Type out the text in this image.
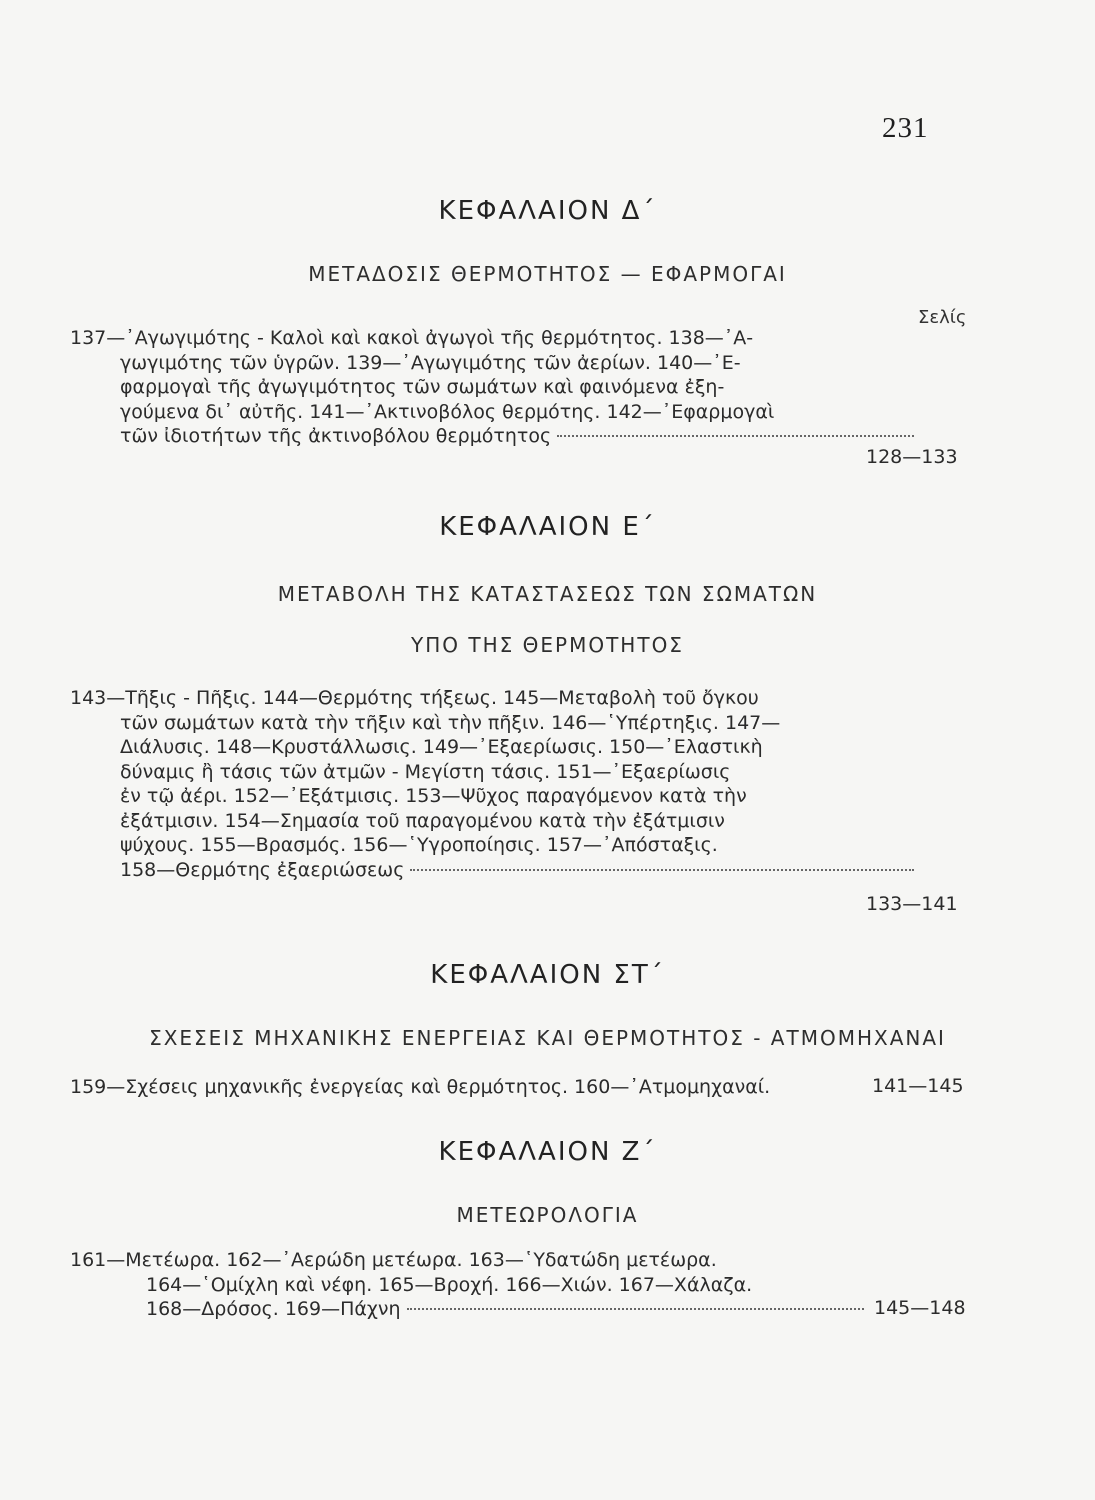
231
ΚΕΦΑΛΑΙΟΝ Δ΄
ΜΕΤΑΔΟΣΙΣ ΘΕΡΜΟΤΗΤΟΣ — ΕΦΑΡΜΟΓΑΙ
Σελίς
137—᾿Αγωγιμότης - Καλοὶ καὶ κακοὶ ἀγωγοὶ τῆς θερμότητος. 138—᾿Α-
γωγιμότης τῶν ὑγρῶν. 139—᾿Αγωγιμότης τῶν ἀερίων. 140—᾿Ε-
φαρμογαὶ τῆς ἀγωγιμότητος τῶν σωμάτων καὶ φαινόμενα ἐξη-
γούμενα δι᾿ αὐτῆς. 141—᾿Ακτινοβόλος θερμότης. 142—᾿Εφαρμογαὶ
τῶν ἰδιοτήτων τῆς ἀκτινοβόλου θερμότητος
128—133
ΚΕΦΑΛΑΙΟΝ Ε΄
ΜΕΤΑΒΟΛΗ ΤΗΣ ΚΑΤΑΣΤΑΣΕΩΣ ΤΩΝ ΣΩΜΑΤΩΝ
ΥΠΟ ΤΗΣ ΘΕΡΜΟΤΗΤΟΣ
143—Τῆξις - Πῆξις. 144—Θερμότης τήξεως. 145—Μεταβολὴ τοῦ ὄγκου
τῶν σωμάτων κατὰ τὴν τῆξιν καὶ τὴν πῆξιν. 146—῾Υπέρτηξις. 147—
Διάλυσις. 148—Κρυστάλλωσις. 149—᾿Εξαερίωσις. 150—᾿Ελαστικὴ
δύναμις ἢ τάσις τῶν ἀτμῶν - Μεγίστη τάσις. 151—᾿Εξαερίωσις
ἐν τῷ ἀέρι. 152—᾿Εξάτμισις. 153—Ψῦχος παραγόμενον κατὰ τὴν
ἐξάτμισιν. 154—Σημασία τοῦ παραγομένου κατὰ τὴν ἐξάτμισιν
ψύχους. 155—Βρασμός. 156—῾Υγροποίησις. 157—᾿Απόσταξις.
158—Θερμότης ἐξαεριώσεως
133—141
ΚΕΦΑΛΑΙΟΝ ΣΤ΄
ΣΧΕΣΕΙΣ ΜΗΧΑΝΙΚΗΣ ΕΝΕΡΓΕΙΑΣ ΚΑΙ ΘΕΡΜΟΤΗΤΟΣ - ΑΤΜΟΜΗΧΑΝΑΙ
159—Σχέσεις μηχανικῆς ἐνεργείας καὶ θερμότητος. 160—᾿Ατμομηχαναί.	141—145
ΚΕΦΑΛΑΙΟΝ Ζ΄
ΜΕΤΕΩΡΟΛΟΓΙΑ
161—Μετέωρα. 162—᾿Αερώδη μετέωρα. 163—῾Υδατώδη μετέωρα.
164—῾Ομίχλη καὶ νέφη. 165—Βροχή. 166—Χιών. 167—Χάλαζα.
168—Δρόσος. 169—Πάχνη	145—148
